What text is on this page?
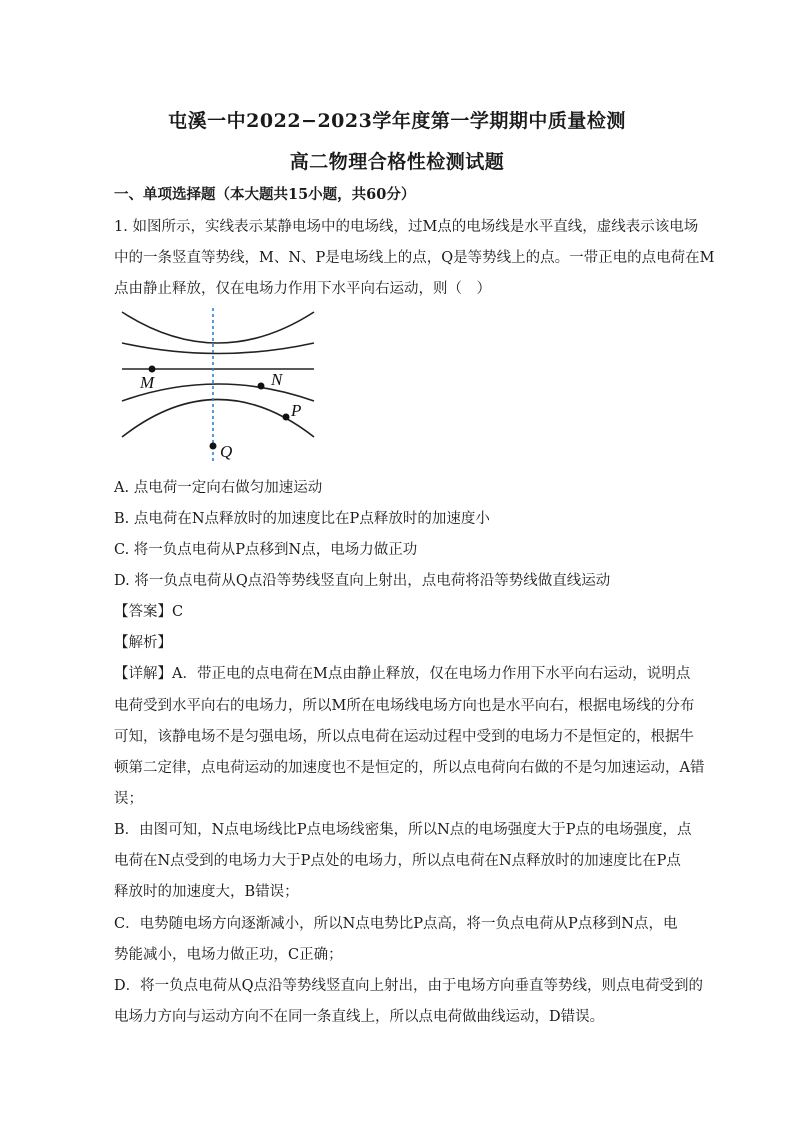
屯溪一中2022−2023学年度第一学期期中质量检测
高二物理合格性检测试题
一、单项选择题（本大题共15小题，共60分）
1. 如图所示，实线表示某静电场中的电场线，过M点的电场线是水平直线，虚线表示该电场
中的一条竖直等势线，M、N、P是电场线上的点，Q是等势线上的点。一带正电的点电荷在M
点由静止释放，仅在电场力作用下水平向右运动，则（　）
M	N
P
Q
A. 点电荷一定向右做匀加速运动
B. 点电荷在N点释放时的加速度比在P点释放时的加速度小
C. 将一负点电荷从P点移到N点，电场力做正功
D. 将一负点电荷从Q点沿等势线竖直向上射出，点电荷将沿等势线做直线运动
【答案】C
【解析】
【详解】A．带正电的点电荷在M点由静止释放，仅在电场力作用下水平向右运动，说明点
电荷受到水平向右的电场力，所以M所在电场线电场方向也是水平向右，根据电场线的分布
可知，该静电场不是匀强电场，所以点电荷在运动过程中受到的电场力不是恒定的，根据牛
顿第二定律，点电荷运动的加速度也不是恒定的，所以点电荷向右做的不是匀加速运动，A错
误；
B．由图可知，N点电场线比P点电场线密集，所以N点的电场强度大于P点的电场强度，点
电荷在N点受到的电场力大于P点处的电场力，所以点电荷在N点释放时的加速度比在P点
释放时的加速度大，B错误；
C．电势随电场方向逐渐减小，所以N点电势比P点高，将一负点电荷从P点移到N点，电
势能减小，电场力做正功，C正确；
D．将一负点电荷从Q点沿等势线竖直向上射出，由于电场方向垂直等势线，则点电荷受到的
电场力方向与运动方向不在同一条直线上，所以点电荷做曲线运动，D错误。
